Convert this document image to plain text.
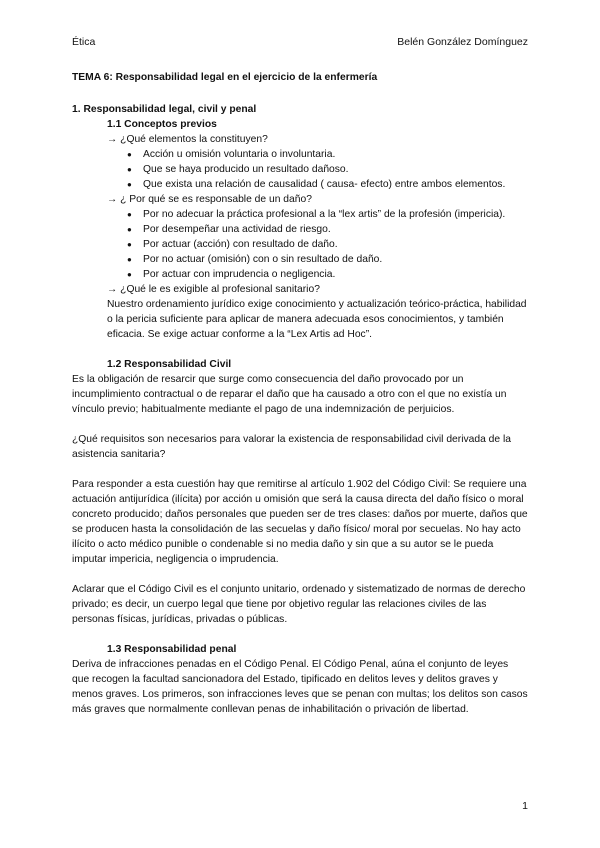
Ética	Belén González Domínguez

TEMA 6: Responsabilidad legal en el ejercicio de la enfermería

1. Responsabilidad legal, civil y penal

1.1 Conceptos previos

→ ¿Qué elementos la constituyen?

● Acción u omisión voluntaria o involuntaria.
● Que se haya producido un resultado dañoso.
● Que exista una relación de causalidad ( causa- efecto) entre ambos elementos.

→ ¿ Por qué se es responsable de un daño?

● Por no adecuar la práctica profesional a la “lex artis” de la profesión (impericia).
● Por desempeñar una actividad de riesgo.
● Por actuar (acción) con resultado de daño.
● Por no actuar (omisión) con o sin resultado de daño.
● Por actuar con imprudencia o negligencia.

→ ¿Qué le es exigible al profesional sanitario?

Nuestro ordenamiento jurídico exige conocimiento y actualización teórico-práctica, habilidad o la pericia suficiente para aplicar de manera adecuada esos conocimientos, y también eficacia. Se exige actuar conforme a la “Lex Artis ad Hoc”.

1.2 Responsabilidad Civil

Es la obligación de resarcir que surge como consecuencia del daño provocado por un incumplimiento contractual o de reparar el daño que ha causado a otro con el que no existía un vínculo previo; habitualmente mediante el pago de una indemnización de perjuicios.

¿Qué requisitos son necesarios para valorar la existencia de responsabilidad civil derivada de la asistencia sanitaria?

Para responder a esta cuestión hay que remitirse al artículo 1.902 del Código Civil: Se requiere una actuación antijurídica (ilícita) por acción u omisión que será la causa directa del daño físico o moral concreto producido; daños personales que pueden ser de tres clases: daños por muerte, daños que se producen hasta la consolidación de las secuelas y daño físico/ moral por secuelas. No hay acto ilícito o acto médico punible o condenable si no media daño y sin que a su autor se le pueda imputar impericia, negligencia o imprudencia.

Aclarar que el Código Civil es el conjunto unitario, ordenado y sistematizado de normas de derecho privado; es decir, un cuerpo legal que tiene por objetivo regular las relaciones civiles de las personas físicas, jurídicas, privadas o públicas.

1.3 Responsabilidad penal

Deriva de infracciones penadas en el Código Penal. El Código Penal, aúna el conjunto de leyes que recogen la facultad sancionadora del Estado, tipificado en delitos leves y delitos graves y menos graves. Los primeros, son infracciones leves que se penan con multas; los delitos son casos más graves que normalmente conllevan penas de inhabilitación o privación de libertad.

1
